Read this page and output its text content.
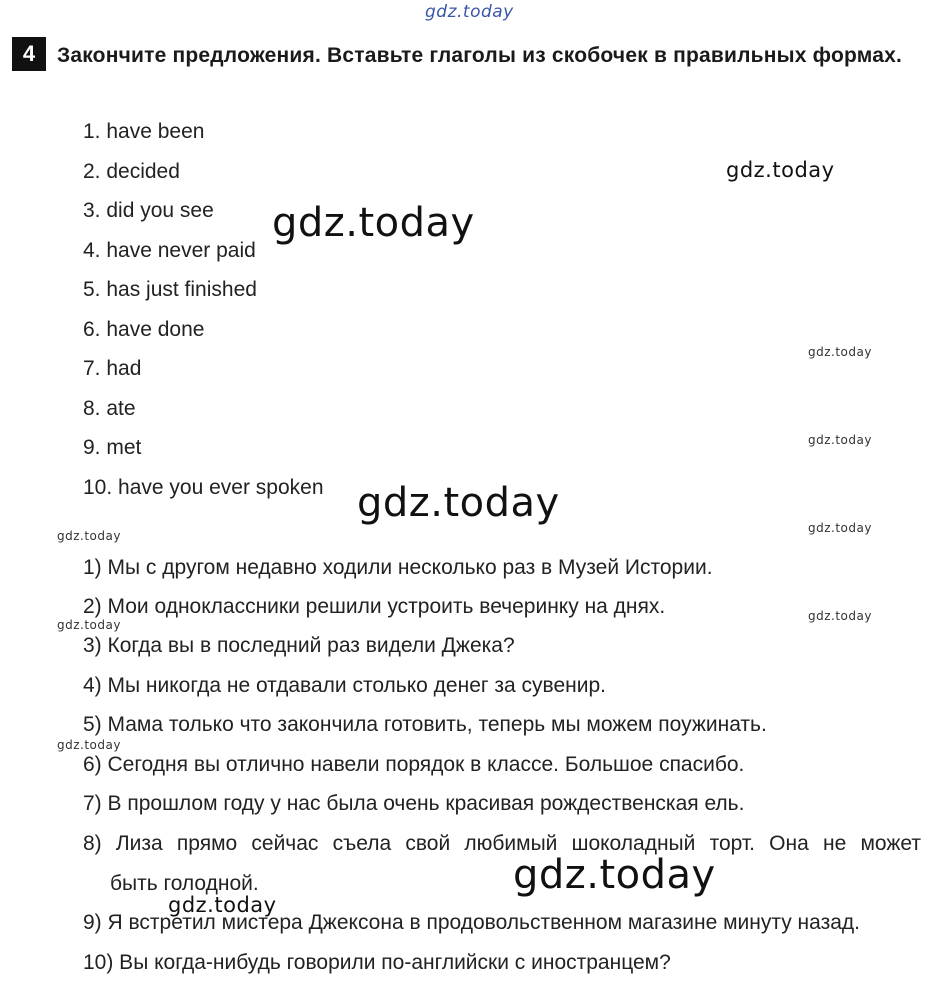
gdz.today
4	Закончите предложения. Вставьте глаголы из скобочек в правильных формах.
1. have been
2. decided
3. did you see
4. have never paid
5. has just finished
6. have done
7. had
8. ate
9. met
10. have you ever spoken
1) Мы с другом недавно ходили несколько раз в Музей Истории.
2) Мои одноклассники решили устроить вечеринку на днях.
3) Когда вы в последний раз видели Джека?
4) Мы никогда не отдавали столько денег за сувенир.
5) Мама только что закончила готовить, теперь мы можем поужинать.
6) Сегодня вы отлично навели порядок в классе. Большое спасибо.
7) В прошлом году у нас была очень красивая рождественская ель.
8) Лиза прямо сейчас съела свой любимый шоколадный торт. Она не может
быть голодной.
9) Я встретил мистера Джексона в продовольственном магазине минуту назад.
10) Вы когда-нибудь говорили по-английски с иностранцем?
gdz.today
gdz.today
gdz.today
gdz.today
gdz.today
gdz.today
gdz.today
gdz.today
gdz.today
gdz.today
gdz.today
gdz.today
